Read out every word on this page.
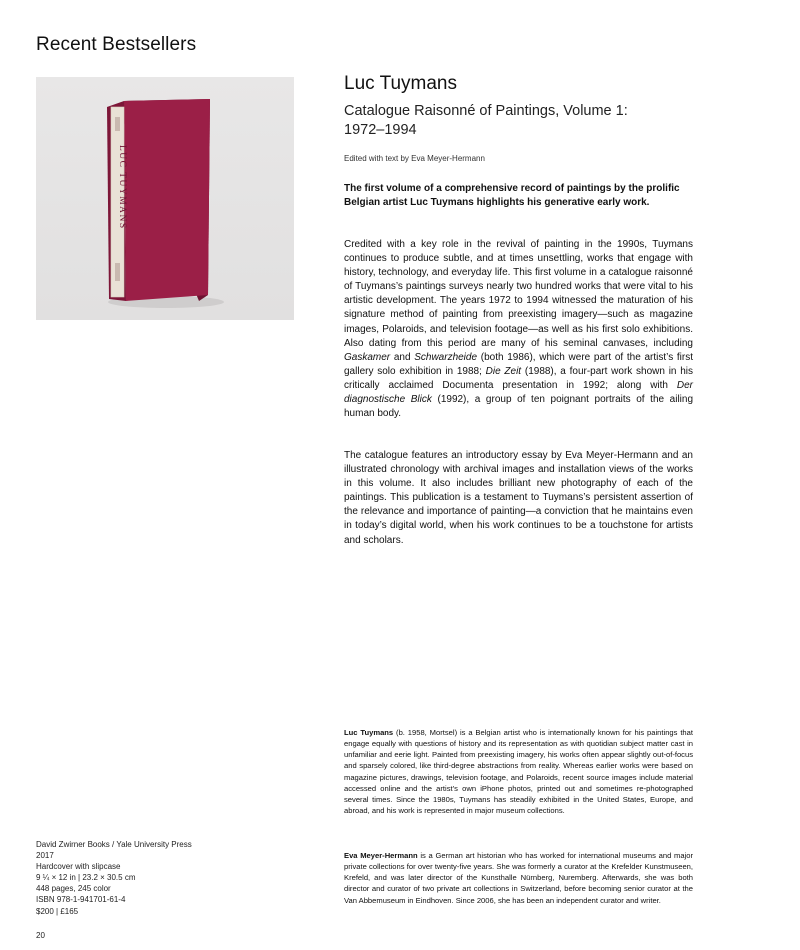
Recent Bestsellers
LUC TUYMANS
Luc Tuymans
Catalogue Raisonné of Paintings, Volume 1:
1972–1994
Edited with text by Eva Meyer-Hermann
The first volume of a comprehensive record of paintings by the prolific Belgian artist Luc Tuymans highlights his generative early work.
Credited with a key role in the revival of painting in the 1990s, Tuymans continues to produce subtle, and at times unsettling, works that engage with history, technology, and everyday life. This first volume in a catalogue raisonné of Tuymans’s paintings surveys nearly two hundred works that were vital to his artistic development. The years 1972 to 1994 witnessed the maturation of his signature method of painting from preexisting imagery—such as magazine images, Polaroids, and television footage—as well as his first solo exhibitions. Also dating from this period are many of his seminal canvases, including Gaskamer and Schwarzheide (both 1986), which were part of the artist’s first gallery solo exhibition in 1988; Die Zeit (1988), a four-part work shown in his critically acclaimed Documenta presentation in 1992; along with Der diagnostische Blick (1992), a group of ten poignant portraits of the ailing human body.
The catalogue features an introductory essay by Eva Meyer-Hermann and an illustrated chronology with archival images and installation views of the works in this volume. It also includes brilliant new photography of each of the paintings. This publication is a testament to Tuymans’s persistent assertion of the relevance and importance of painting—a conviction that he maintains even in today’s digital world, when his work continues to be a touchstone for artists and scholars.
Luc Tuymans (b. 1958, Mortsel) is a Belgian artist who is internationally known for his paintings that engage equally with questions of history and its representation as with quotidian subject matter cast in unfamiliar and eerie light. Painted from preexisting imagery, his works often appear slightly out-of-focus and sparsely colored, like third-degree abstractions from reality. Whereas earlier works were based on magazine pictures, drawings, television footage, and Polaroids, recent source images include material accessed online and the artist’s own iPhone photos, printed out and sometimes re-photographed several times. Since the 1980s, Tuymans has steadily exhibited in the United States, Europe, and abroad, and his work is represented in major museum collections.
Eva Meyer-Hermann is a German art historian who has worked for international museums and major private collections for over twenty-five years. She was formerly a curator at the Krefelder Kunstmuseen, Krefeld, and was later director of the Kunsthalle Nürnberg, Nuremberg. Afterwards, she was both director and curator of two private art collections in Switzerland, before becoming senior curator at the Van Abbemuseum in Eindhoven. Since 2006, she has been an independent curator and writer.
David Zwirner Books / Yale University Press
2017
Hardcover with slipcase
9 ¼ × 12 in | 23.2 × 30.5 cm
448 pages, 245 color
ISBN 978-1-941701-61-4
$200 | £165
20
